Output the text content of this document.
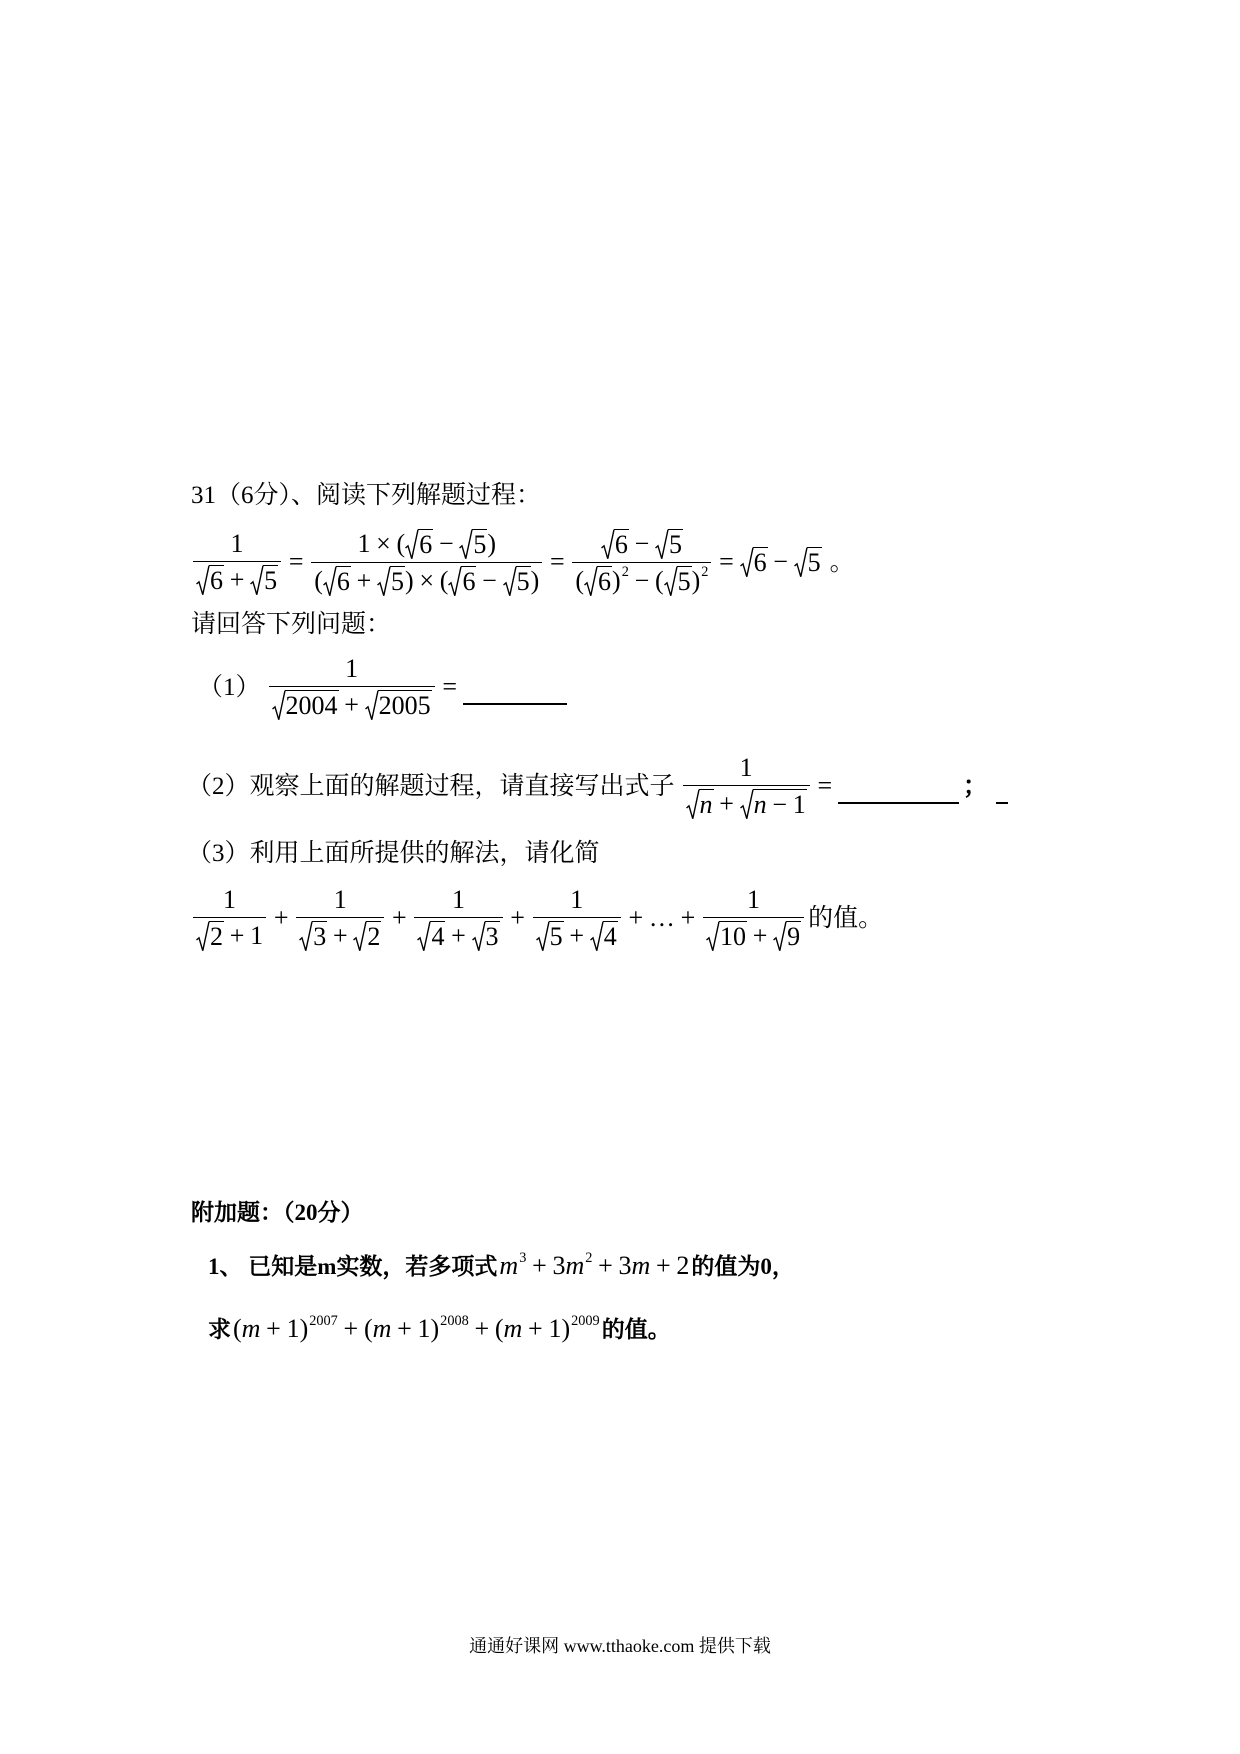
31（6分）、阅读下列解题过程：
$\frac{1}{6 + 5} = \frac{1 \times ( 6 - 5 )}{( 6 + 5 ) \times ( 6 - 5 )} = \frac{6 - 5}{( 6 ) 2 - ( 5 ) 2} = 6 - 5$ 。
请回答下列问题：
$(1) \frac{1}{2004 + 2005}$ =
（2）观察上面的解题过程，请直接写出式子 $\frac{1}{n + n - 1}$ =	；
（3）利用上面所提供的解法，请化简
$\frac{1}{2 + 1} + \frac{1}{3 + 2} + \frac{1}{4 + 3} + \frac{1}{5 + 4}$ + … + $\frac{1}{10 + 9}$ 的值。
附加题：（20分）
1、 已知是m实数，若多项式 m 3 + 3 m 2 + 3 m + 2 的值为0，
求 ( m + 1 ) 2007 + ( m + 1 ) 2008 + ( m + 1 ) 2009 的值。
通通好课网 www.tthaoke.com 提供下载
